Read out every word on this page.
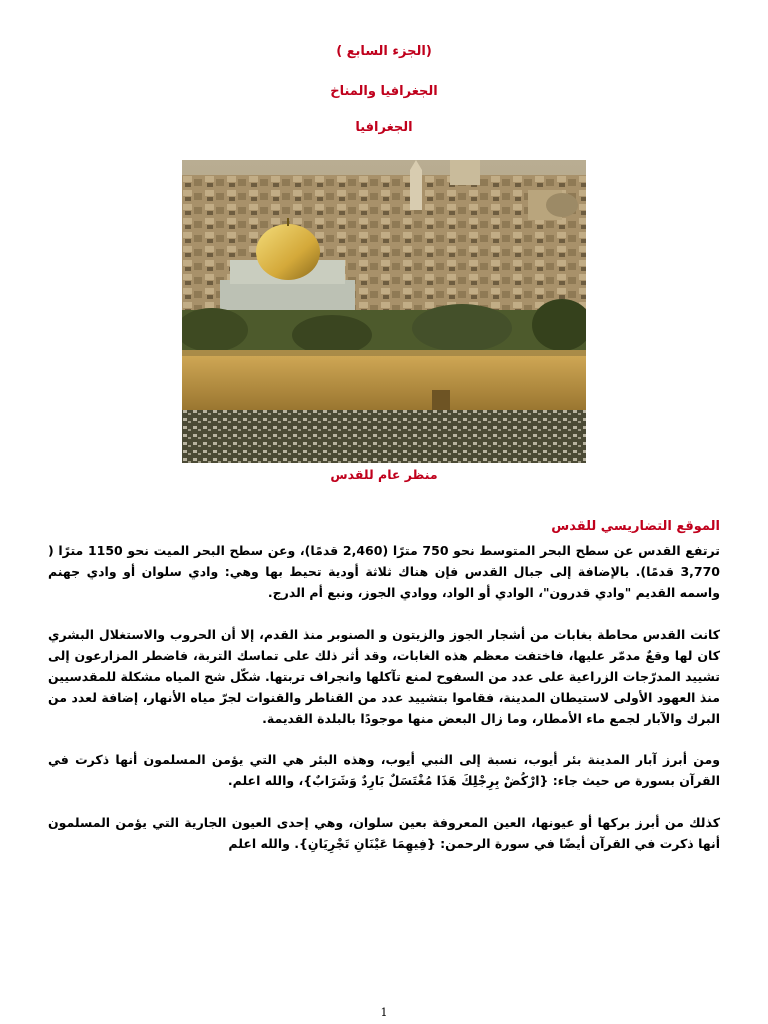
(الجزء السابع )
الجغرافيا والمناخ
الجغرافيا
منظر عام للقدس
الموقع التضاريسي للقدس
ترتفع القدس عن سطح البحر المتوسط نحو 750 مترًا (2,460 قدمًا)، وعن سطح البحر الميت نحو 1150 مترًا ( 3,770 قدمًا). بالإضافة إلى جبال القدس فإن هناك ثلاثة أودية تحيط بها وهي: وادي سلوان أو وادي جهنم واسمه القديم "وادي قدرون"، الوادي أو الواد، ووادي الجوز، ونبع أم الدرج.
كانت القدس محاطة بغابات من أشجار الجوز والزيتون و الصنوبر منذ القدم، إلا أن الحروب والاستغلال البشري كان لها وقعٌ مدمّر عليها، فاختفت معظم هذه الغابات، وقد أثر ذلك على تماسك التربة، فاضطر المزارعون إلى تشييد المدرّجات الزراعية على عدد من السفوح لمنع تآكلها وانجراف تربتها. شكّل شح المياه مشكلة للمقدسيين منذ العهود الأولى لاستيطان المدينة، فقاموا بتشييد عدد من القناطر والقنوات لجرّ مياه الأنهار، إضافة لعدد من البرك والآبار لجمع ماء الأمطار، وما زال البعض منها موجودًا بالبلدة القديمة.
ومن أبرز آبار المدينة بئر أيوب، نسبة إلى النبي أيوب، وهذه البئر هي التي يؤمن المسلمون أنها ذكرت في القرآن بسورة ص حيث جاء: {ارْكُضْ بِرِجْلِكَ هَذَا مُغْتَسَلٌ بَارِدٌ وَشَرَابٌ}، والله اعلم.
كذلك من أبرز بركها أو عيونها، العين المعروفة بعين سلوان، وهي إحدى العيون الجارية التي يؤمن المسلمون أنها ذكرت في القرآن أيضًا في سورة الرحمن: {فِيهِمَا عَيْنَانِ تَجْرِيَانِ}. والله اعلم
1
